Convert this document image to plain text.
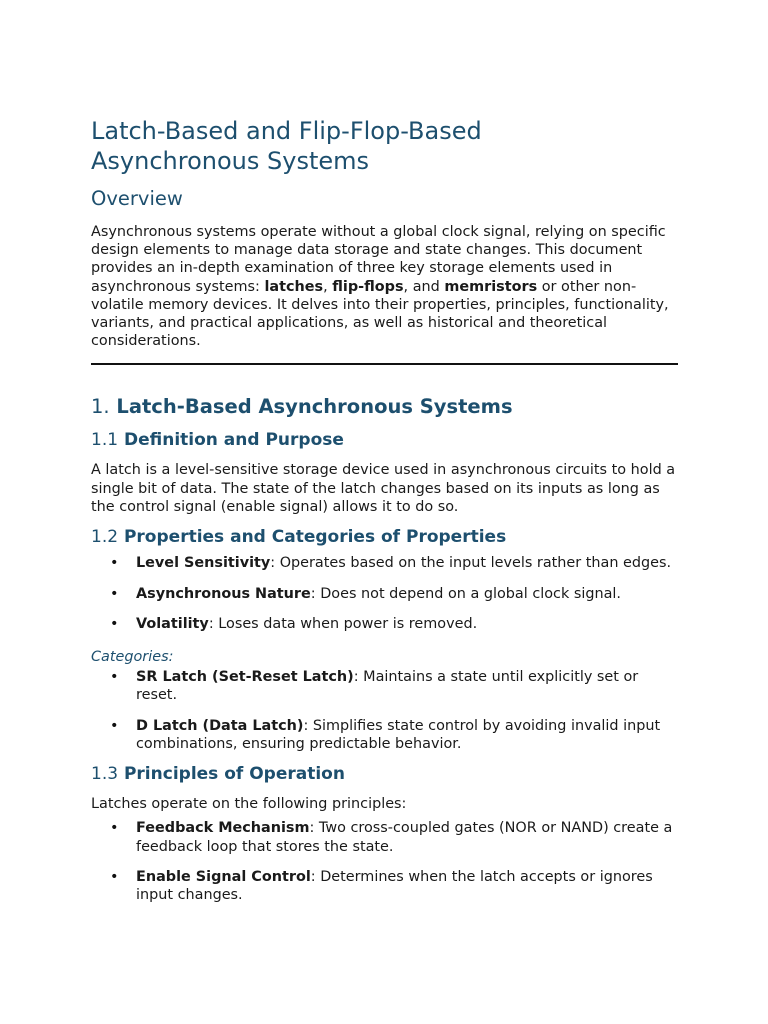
Latch-Based and Flip-Flop-Based
Asynchronous Systems
Overview

Asynchronous systems operate without a global clock signal, relying on specific design elements to manage data storage and state changes. This document provides an in-depth examination of three key storage elements used in asynchronous systems: latches, flip-flops, and memristors or other non-volatile memory devices. It delves into their properties, principles, functionality, variants, and practical applications, as well as historical and theoretical considerations.

1. Latch-Based Asynchronous Systems
1.1 Definition and Purpose

A latch is a level-sensitive storage device used in asynchronous circuits to hold a single bit of data. The state of the latch changes based on its inputs as long as the control signal (enable signal) allows it to do so.

1.2 Properties and Categories of Properties
• Level Sensitivity: Operates based on the input levels rather than edges.
• Asynchronous Nature: Does not depend on a global clock signal.
• Volatility: Loses data when power is removed.

Categories:

• SR Latch (Set-Reset Latch): Maintains a state until explicitly set or reset.
• D Latch (Data Latch): Simplifies state control by avoiding invalid input combinations, ensuring predictable behavior.
1.3 Principles of Operation

Latches operate on the following principles:

• Feedback Mechanism: Two cross-coupled gates (NOR or NAND) create a feedback loop that stores the state.
• Enable Signal Control: Determines when the latch accepts or ignores input changes.
